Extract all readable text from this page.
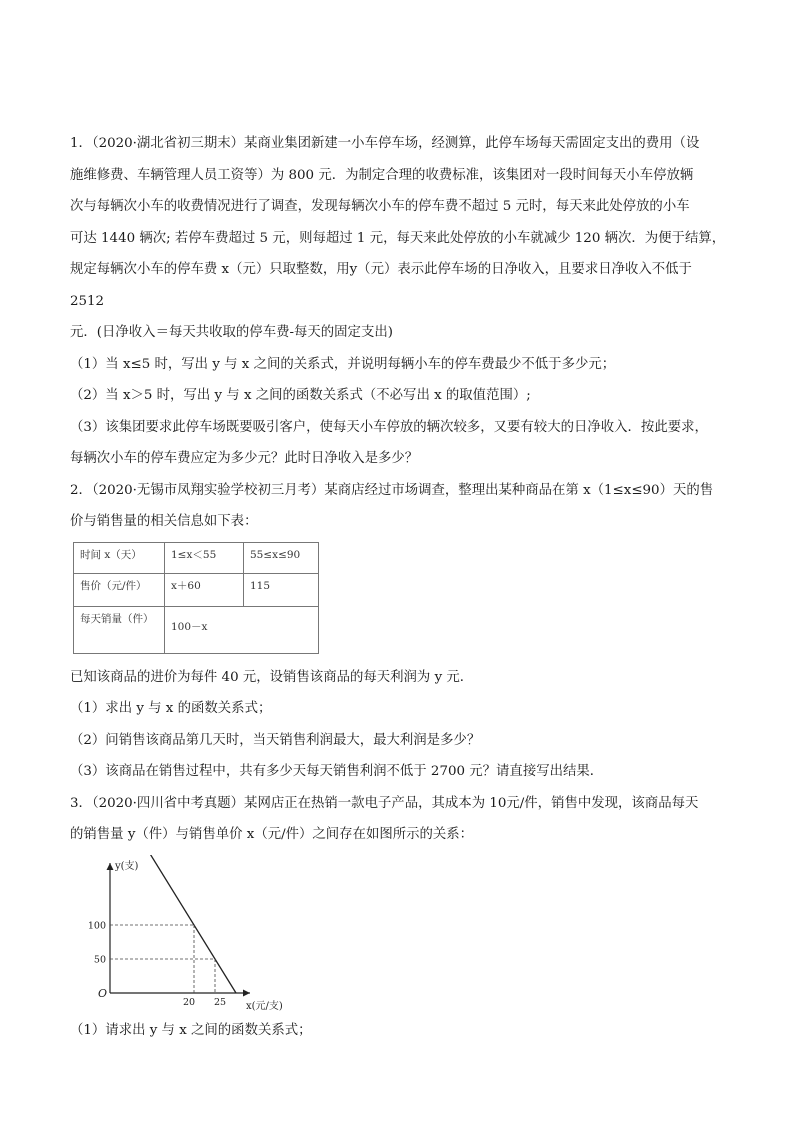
1．（2020·湖北省初三期末）某商业集团新建一小车停车场，经测算，此停车场每天需固定支出的费用（设

施维修费、车辆管理人员工资等）为 800 元．为制定合理的收费标准，该集团对一段时间每天小车停放辆

次与每辆次小车的收费情况进行了调查，发现每辆次小车的停车费不超过 5 元时，每天来此处停放的小车

可达 1440 辆次; 若停车费超过 5 元，则每超过 1 元，每天来此处停放的小车就减少 120 辆次．为便于结算，

规定每辆次小车的停车费 x（元）只取整数，用y（元）表示此停车场的日净收入，且要求日净收入不低于 2512

元．(日净收入＝每天共收取的停车费-每天的固定支出)

（1）当 x≤5 时，写出 y 与 x 之间的关系式，并说明每辆小车的停车费最少不低于多少元；

（2）当 x＞5 时，写出 y 与 x 之间的函数关系式（不必写出 x 的取值范围）;

（3）该集团要求此停车场既要吸引客户，使每天小车停放的辆次较多，又要有较大的日净收入．按此要求，

每辆次小车的停车费应定为多少元？此时日净收入是多少？

2．（2020·无锡市凤翔实验学校初三月考）某商店经过市场调查，整理出某种商品在第 x（1≤x≤90）天的售

价与销售量的相关信息如下表：

时间 x（天）	1≤x＜55	55≤x≤90
售价（元/件）	x＋60	115
每天销量（件）	100－x	

已知该商品的进价为每件 40 元，设销售该商品的每天利润为 y 元．

（1）求出 y 与 x 的函数关系式；

（2）问销售该商品第几天时，当天销售利润最大，最大利润是多少？

（3）该商品在销售过程中，共有多少天每天销售利润不低于 2700 元？请直接写出结果．

3．（2020·四川省中考真题）某网店正在热销一款电子产品，其成本为 10元/件，销售中发现，该商品每天

的销售量 y（件）与销售单价 x（元/件）之间存在如图所示的关系：

y(支)
x(元/支)
O
50
100
20 25

（1）请求出 y 与 x 之间的函数关系式；
